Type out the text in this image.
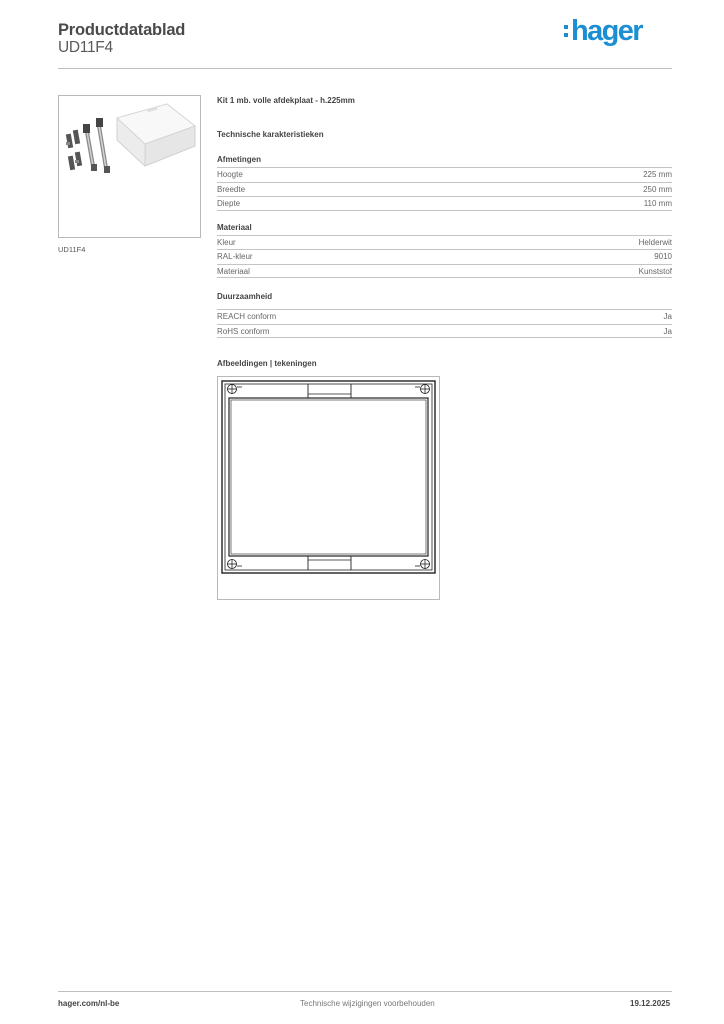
Productdatablad
UD11F4
hager
UD11F4
Kit 1 mb. volle afdekplaat - h.225mm
Technische karakteristieken
Afmetingen
Hoogte	225 mm
Breedte	250 mm
Diepte	110 mm
Materiaal
Kleur	Helderwit
RAL-kleur	9010
Materiaal	Kunststof
Duurzaamheid
REACH conform	Ja
RoHS conform	Ja
Afbeeldingen | tekeningen
hager.com/nl-be	Technische wijzigingen voorbehouden	19.12.2025
